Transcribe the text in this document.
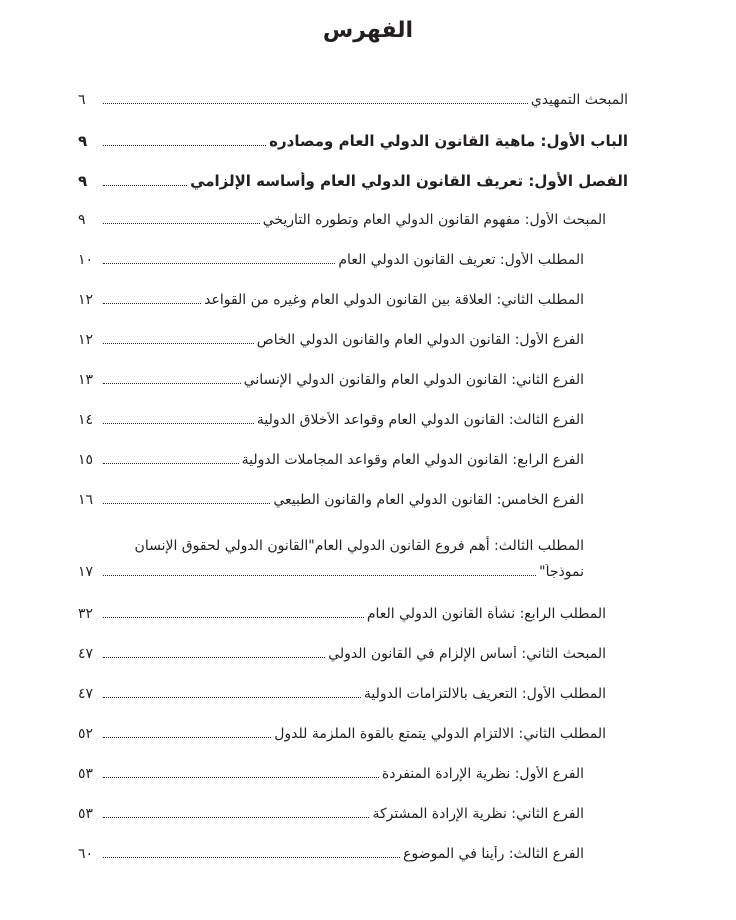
الفهرس
المبحث التمهيدي
٦
الباب الأول: ماهية القانون الدولي العام ومصادره
٩
الفصل الأول: تعريف القانون الدولي العام وأساسه الإلزامي
٩
المبحث الأول: مفهوم القانون الدولي العام وتطوره التاريخي
٩
المطلب الأول: تعريف القانون الدولي العام
١٠
المطلب الثاني: العلاقة بين القانون الدولي العام وغيره من القواعد
١٢
الفرع الأول: القانون الدولي العام والقانون الدولي الخاص
١٢
الفرع الثاني: القانون الدولي العام والقانون الدولي الإنساني
١٣
الفرع الثالث: القانون الدولي العام وقواعد الأخلاق الدولية
١٤
الفرع الرابع: القانون الدولي العام وقواعد المجاملات الدولية
١٥
الفرع الخامس: القانون الدولي العام والقانون الطبيعي
١٦
المطلب الثالث: أهم فروع القانون الدولي العام"القانون الدولي لحقوق الإنسان
نموذجاً"
١٧
المطلب الرابع: نشأة القانون الدولي العام
٣٢
المبحث الثاني: أساس الإلزام في القانون الدولي
٤٧
المطلب الأول: التعريف بالالتزامات الدولية
٤٧
المطلب الثاني: الالتزام الدولي يتمتع بالقوة الملزمة للدول
٥٢
الفرع الأول: نظرية الإرادة المنفردة
٥٣
الفرع الثاني: نظرية الإرادة المشتركة
٥٣
الفرع الثالث: رأينا في الموضوع
٦٠
